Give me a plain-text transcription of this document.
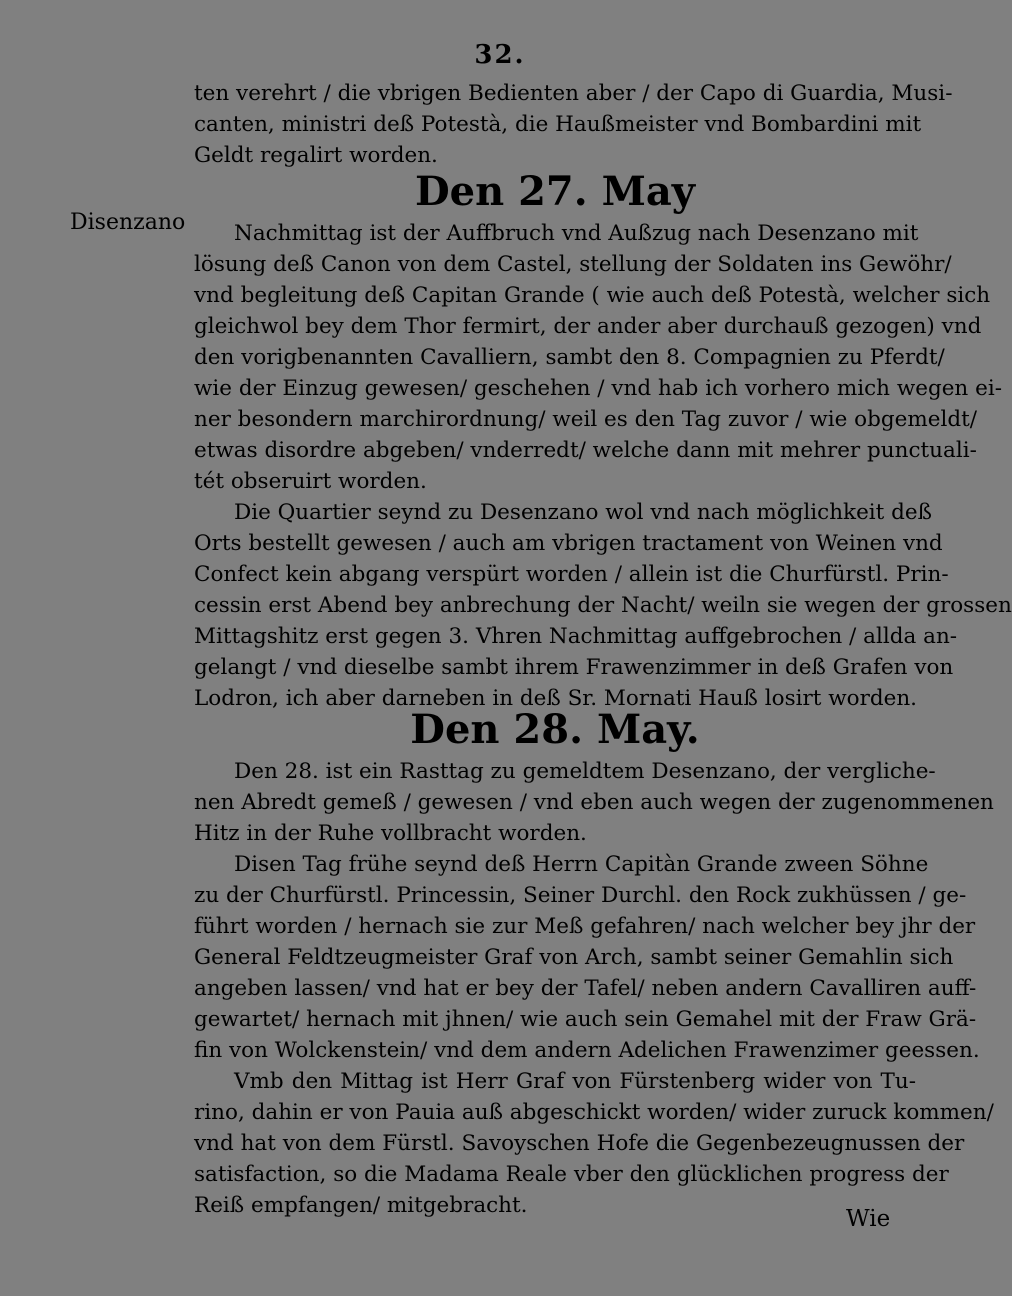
32.
Disenzano
ten verehrt / die vbrigen Bedienten aber / der Capo di Guardia, Musi-
canten, ministri deß Potestà, die Haußmeister vnd Bombardini mit
Geldt regalirt worden.
Den 27. May
Nachmittag ist der Auffbruch vnd Außzug nach Desenzano mit
lösung deß Canon von dem Castel, stellung der Soldaten ins Gewöhr/
vnd begleitung deß Capitan Grande ( wie auch deß Potestà, welcher sich
gleichwol bey dem Thor fermirt, der ander aber durchauß gezogen) vnd
den vorigbenannten Cavalliern, sambt den 8. Compagnien zu Pferdt/
wie der Einzug gewesen/ geschehen / vnd hab ich vorhero mich wegen ei-
ner besondern marchirordnung/ weil es den Tag zuvor / wie obgemeldt/
etwas disordre abgeben/ vnderredt/ welche dann mit mehrer punctuali-
tét obseruirt worden.
Die Quartier seynd zu Desenzano wol vnd nach möglichkeit deß
Orts bestellt gewesen / auch am vbrigen tractament von Weinen vnd
Confect kein abgang verspürt worden / allein ist die Churfürstl. Prin-
cessin erst Abend bey anbrechung der Nacht/ weiln sie wegen der grossen
Mittagshitz erst gegen 3. Vhren Nachmittag auffgebrochen / allda an-
gelangt / vnd dieselbe sambt ihrem Frawenzimmer in deß Grafen von
Lodron, ich aber darneben in deß Sr. Mornati Hauß losirt worden.
Den 28. May.
Den 28. ist ein Rasttag zu gemeldtem Desenzano, der vergliche-
nen Abredt gemeß / gewesen / vnd eben auch wegen der zugenommenen
Hitz in der Ruhe vollbracht worden.
Disen Tag frühe seynd deß Herrn Capitàn Grande zween Söhne
zu der Churfürstl. Princessin, Seiner Durchl. den Rock zukhüssen / ge-
führt worden / hernach sie zur Meß gefahren/ nach welcher bey jhr der
General Feldtzeugmeister Graf von Arch, sambt seiner Gemahlin sich
angeben lassen/ vnd hat er bey der Tafel/ neben andern Cavalliren auff-
gewartet/ hernach mit jhnen/ wie auch sein Gemahel mit der Fraw Grä-
fin von Wolckenstein/ vnd dem andern Adelichen Frawenzimer geessen.
Vmb den Mittag ist Herr Graf von Fürstenberg wider von Tu-
rino, dahin er von Pauia auß abgeschickt worden/ wider zuruck kommen/
vnd hat von dem Fürstl. Savoyschen Hofe die Gegenbezeugnussen der
satisfaction, so die Madama Reale vber den glücklichen progress der
Reiß empfangen/ mitgebracht.
Wie
